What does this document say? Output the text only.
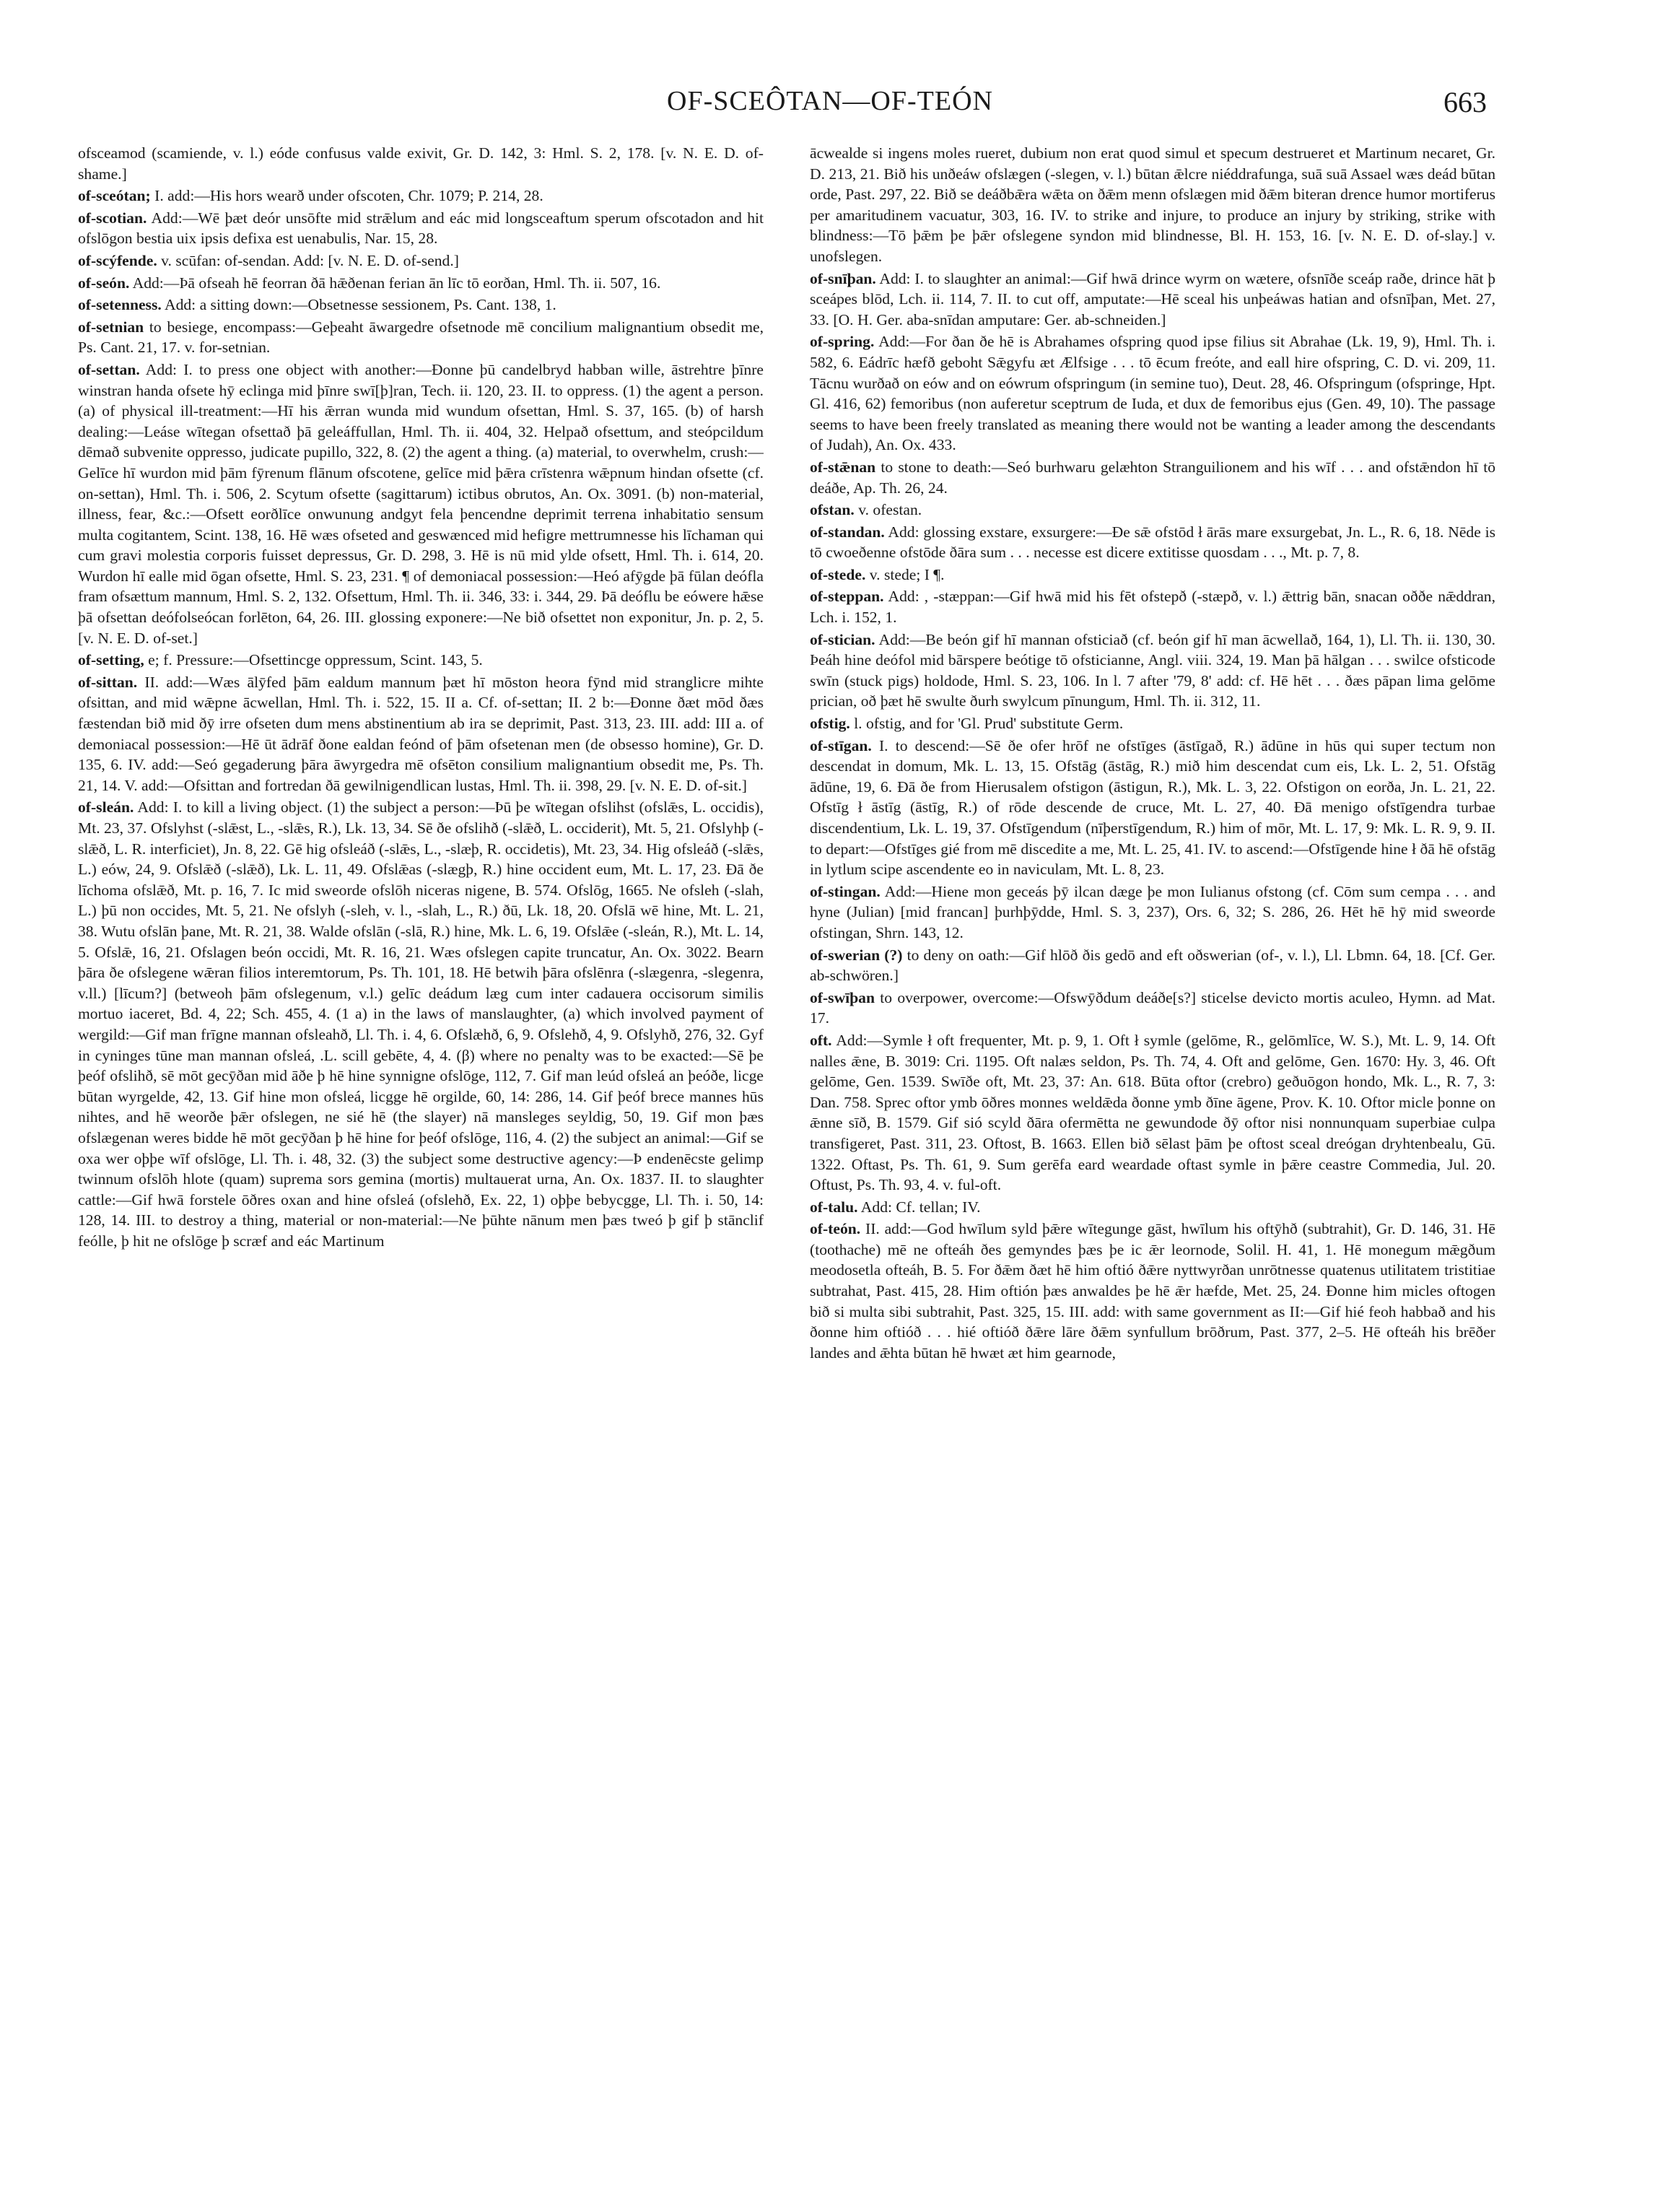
OF-SCEÔTAN—OF-TEÓN	663

ofsceamod (scamiende, v. l.) eóde confusus valde exivit, Gr. D. 142, 3: Hml. S. 2, 178. [v. N. E. D. of-shame.]

of-sceótan; I. add:—His hors wearð under ofscoten, Chr. 1079; P. 214, 28.

of-scotian. Add:—Wē þæt deór unsōfte mid strǣlum and eác mid longsceaftum sperum ofscotadon and hit ofslōgon bestia uix ipsis defixa est uenabulis, Nar. 15, 28.

of-scýfende. v. scūfan: of-sendan. Add: [v. N. E. D. of-send.]

of-seón. Add:—Þā ofseah hē feorran ðā hǣðenan ferian ān līc tō eorðan, Hml. Th. ii. 507, 16.

of-setenness. Add: a sitting down:—Obsetnesse sessionem, Ps. Cant. 138, 1.

of-setnian to besiege, encompass:—Geþeaht āwargedre ofsetnode mē concilium malignantium obsedit me, Ps. Cant. 21, 17. v. for-setnian.

of-settan. Add: I. to press one object with another:—Ðonne þū candelbryd habban wille, āstrehtre þīnre winstran handa ofsete hȳ eclinga mid þīnre swī[þ]ran, Tech. ii. 120, 23. II. to oppress. (1) the agent a person. (a) of physical ill-treatment:—Hī his ǣrran wunda mid wundum ofsettan, Hml. S. 37, 165. (b) of harsh dealing:—Leáse wītegan ofsettað þā geleáffullan, Hml. Th. ii. 404, 32. Helpað ofsettum, and steópcildum dēmað subvenite oppresso, judicate pupillo, 322, 8. (2) the agent a thing. (a) material, to overwhelm, crush:—Gelīce hī wurdon mid þām fȳrenum flānum ofscotene, gelīce mid þǣra crīstenra wǣpnum hindan ofsette (cf. on-settan), Hml. Th. i. 506, 2. Scytum ofsette (sagittarum) ictibus obrutos, An. Ox. 3091. (b) non-material, illness, fear, &c.:—Ofsett eorðlīce onwunung andgyt fela þencendne deprimit terrena inhabitatio sensum multa cogitantem, Scint. 138, 16. Hē wæs ofseted and geswænced mid hefigre mettrumnesse his līchaman qui cum gravi molestia corporis fuisset depressus, Gr. D. 298, 3. Hē is nū mid ylde ofsett, Hml. Th. i. 614, 20. Wurdon hī ealle mid ōgan ofsette, Hml. S. 23, 231. ¶ of demoniacal possession:—Heó afȳgde þā fūlan deófla fram ofsættum mannum, Hml. S. 2, 132. Ofsettum, Hml. Th. ii. 346, 33: i. 344, 29. Þā deóflu be eówere hǣse þā ofsettan deófolseócan forlēton, 64, 26. III. glossing exponere:—Ne bið ofsettet non exponitur, Jn. p. 2, 5. [v. N. E. D. of-set.]

of-setting, e; f. Pressure:—Ofsettincge oppressum, Scint. 143, 5.

of-sittan. II. add:—Wæs ālȳfed þām ealdum mannum þæt hī mōston heora fȳnd mid stranglicre mihte ofsittan, and mid wǣpne ācwellan, Hml. Th. i. 522, 15. II a. Cf. of-settan; II. 2 b:—Ðonne ðæt mōd ðæs fæstendan bið mid ðȳ irre ofseten dum mens abstinentium ab ira se deprimit, Past. 313, 23. III. add: III a. of demoniacal possession:—Hē ūt ādrāf ðone ealdan feónd of þām ofsetenan men (de obsesso homine), Gr. D. 135, 6. IV. add:—Seó gegaderung þāra āwyrgedra mē ofsēton consilium malignantium obsedit me, Ps. Th. 21, 14. V. add:—Ofsittan and fortredan ðā gewilnigendlican lustas, Hml. Th. ii. 398, 29. [v. N. E. D. of-sit.]

of-sleán. Add: I. to kill a living object. (1) the subject a person:—Þū þe wītegan ofslihst (ofslǣs, L. occidis), Mt. 23, 37. Ofslyhst (-slǣst, L., -slǣs, R.), Lk. 13, 34. Sē ðe ofslihð (-slǣð, L. occiderit), Mt. 5, 21. Ofslyhþ (-slǣð, L. R. interficiet), Jn. 8, 22. Gē hig ofsleáð (-slǣs, L., -slæþ, R. occidetis), Mt. 23, 34. Hig ofsleáð (-slǣs, L.) eów, 24, 9. Ofslǣð (-slǣð), Lk. L. 11, 49. Ofslǣas (-slægþ, R.) hine occident eum, Mt. L. 17, 23. Ðā ðe līchoma ofslǣð, Mt. p. 16, 7. Ic mid sweorde ofslōh niceras nigene, B. 574. Ofslōg, 1665. Ne ofsleh (-slah, L.) þū non occides, Mt. 5, 21. Ne ofslyh (-sleh, v. l., -slah, L., R.) ðū, Lk. 18, 20. Ofslā wē hine, Mt. L. 21, 38. Wutu ofslān þane, Mt. R. 21, 38. Walde ofslān (-slā, R.) hine, Mk. L. 6, 19. Ofslǣe (-sleán, R.), Mt. L. 14, 5. Ofslǣ, 16, 21. Ofslagen beón occidi, Mt. R. 16, 21. Wæs ofslegen capite truncatur, An. Ox. 3022. Bearn þāra ðe ofslegene wǣran filios interemtorum, Ps. Th. 101, 18. Hē betwih þāra ofslēnra (-slægenra, -slegenra, v.ll.) [līcum?] (betweoh þām ofslegenum, v.l.) gelīc deádum læg cum inter cadauera occisorum similis mortuo iaceret, Bd. 4, 22; Sch. 455, 4. (1 a) in the laws of manslaughter, (a) which involved payment of wergild:—Gif man frīgne mannan ofsleahð, Ll. Th. i. 4, 6. Ofslæhð, 6, 9. Ofslehð, 4, 9. Ofslyhð, 276, 32. Gyf in cyninges tūne man mannan ofsleá, .L. scill gebēte, 4, 4. (β) where no penalty was to be exacted:—Sē þe þeóf ofslihð, sē mōt gecȳðan mid āðe þ hē hine synnigne ofslōge, 112, 7. Gif man leúd ofsleá an þeóðe, licge būtan wyrgelde, 42, 13. Gif hine mon ofsleá, licgge hē orgilde, 60, 14: 286, 14. Gif þeóf brece mannes hūs nihtes, and hē weorðe þǣr ofslegen, ne sié hē (the slayer) nā mansleges seyldig, 50, 19. Gif mon þæs ofslægenan weres bidde hē mōt gecȳðan þ hē hine for þeóf ofslōge, 116, 4. (2) the subject an animal:—Gif se oxa wer oþþe wīf ofslōge, Ll. Th. i. 48, 32. (3) the subject some destructive agency:—Þ endenēcste gelimp twinnum ofslōh hlote (quam) suprema sors gemina (mortis) multauerat urna, An. Ox. 1837. II. to slaughter cattle:—Gif hwā forstele ōðres oxan and hine ofsleá (ofslehð, Ex. 22, 1) oþþe bebycgge, Ll. Th. i. 50, 14: 128, 14. III. to destroy a thing, material or non-material:—Ne þūhte nānum men þæs tweó þ gif þ stānclif feólle, þ hit ne ofslōge þ scræf and eác Martinum

ācwealde si ingens moles rueret, dubium non erat quod simul et specum destrueret et Martinum necaret, Gr. D. 213, 21. Bið his unðeáw ofslægen (-slegen, v. l.) būtan ǣlcre niéddrafunga, suā suā Assael wæs deád būtan orde, Past. 297, 22. Bið se deáðbǣra wǣta on ðǣm menn ofslægen mid ðǣm biteran drence humor mortiferus per amaritudinem vacuatur, 303, 16. IV. to strike and injure, to produce an injury by striking, strike with blindness:—Tō þǣm þe þǣr ofslegene syndon mid blindnesse, Bl. H. 153, 16. [v. N. E. D. of-slay.] v. unofslegen.

of-snīþan. Add: I. to slaughter an animal:—Gif hwā drince wyrm on wætere, ofsnīðe sceáp raðe, drince hāt þ sceápes blōd, Lch. ii. 114, 7. II. to cut off, amputate:—Hē sceal his unþeáwas hatian and ofsnīþan, Met. 27, 33. [O. H. Ger. aba-snīdan amputare: Ger. ab-schneiden.]

of-spring. Add:—For ðan ðe hē is Abrahames ofspring quod ipse filius sit Abrahae (Lk. 19, 9), Hml. Th. i. 582, 6. Eádrīc hæfð geboht Sǣgyfu æt Ælfsige . . . tō ēcum freóte, and eall hire ofspring, C. D. vi. 209, 11. Tācnu wurðað on eów and on eówrum ofspringum (in semine tuo), Deut. 28, 46. Ofspringum (ofspringe, Hpt. Gl. 416, 62) femoribus (non auferetur sceptrum de Iuda, et dux de femoribus ejus (Gen. 49, 10). The passage seems to have been freely translated as meaning there would not be wanting a leader among the descendants of Judah), An. Ox. 433.

of-stǣnan to stone to death:—Seó burhwaru gelæhton Stranguilionem and his wīf . . . and ofstǣndon hī tō deáðe, Ap. Th. 26, 24.

ofstan. v. ofestan.

of-standan. Add: glossing exstare, exsurgere:—Ðe sǣ ofstōd ł ārās mare exsurgebat, Jn. L., R. 6, 18. Nēde is tō cwoeðenne ofstōde ðāra sum . . . necesse est dicere extitisse quosdam . . ., Mt. p. 7, 8.

of-stede. v. stede; I ¶.

of-steppan. Add: , -stæppan:—Gif hwā mid his fēt ofstepð (-stæpð, v. l.) ǣttrig bān, snacan oððe nǣddran, Lch. i. 152, 1.

of-stician. Add:—Be beón gif hī mannan ofsticiað (cf. beón gif hī man ācwellað, 164, 1), Ll. Th. ii. 130, 30. Þeáh hine deófol mid bārspere beótige tō ofsticianne, Angl. viii. 324, 19. Man þā hālgan . . . swilce ofsticode swīn (stuck pigs) holdode, Hml. S. 23, 106. In l. 7 after '79, 8' add: cf. Hē hēt . . . ðæs pāpan lima gelōme prician, oð þæt hē swulte ðurh swylcum pīnungum, Hml. Th. ii. 312, 11.

ofstig. l. ofstig, and for 'Gl. Prud' substitute Germ.

of-stīgan. I. to descend:—Sē ðe ofer hrōf ne ofstīges (āstīgað, R.) ādūne in hūs qui super tectum non descendat in domum, Mk. L. 13, 15. Ofstāg (āstāg, R.) mið him descendat cum eis, Lk. L. 2, 51. Ofstāg ādūne, 19, 6. Ðā ðe from Hierusalem ofstigon (āstigun, R.), Mk. L. 3, 22. Ofstigon on eorða, Jn. L. 21, 22. Ofstīg ł āstīg (āstīg, R.) of rōde descende de cruce, Mt. L. 27, 40. Ðā menigo ofstīgendra turbae discendentium, Lk. L. 19, 37. Ofstīgendum (nīþerstīgendum, R.) him of mōr, Mt. L. 17, 9: Mk. L. R. 9, 9. II. to depart:—Ofstīges gié from mē discedite a me, Mt. L. 25, 41. IV. to ascend:—Ofstīgende hine ł ðā hē ofstāg in lytlum scipe ascendente eo in naviculam, Mt. L. 8, 23.

of-stingan. Add:—Hiene mon geceás þȳ ilcan dæge þe mon Iulianus ofstong (cf. Cōm sum cempa . . . and hyne (Julian) [mid francan] þurhþȳdde, Hml. S. 3, 237), Ors. 6, 32; S. 286, 26. Hēt hē hȳ mid sweorde ofstingan, Shrn. 143, 12.

of-swerian (?) to deny on oath:—Gif hlōð ðis gedō and eft oðswerian (of-, v. l.), Ll. Lbmn. 64, 18. [Cf. Ger. ab-schwören.]

of-swīþan to overpower, overcome:—Ofswȳðdum deáðe[s?] sticelse devicto mortis aculeo, Hymn. ad Mat. 17.

oft. Add:—Symle ł oft frequenter, Mt. p. 9, 1. Oft ł symle (gelōme, R., gelōmlīce, W. S.), Mt. L. 9, 14. Oft nalles ǣne, B. 3019: Cri. 1195. Oft nalæs seldon, Ps. Th. 74, 4. Oft and gelōme, Gen. 1670: Hy. 3, 46. Oft gelōme, Gen. 1539. Swīðe oft, Mt. 23, 37: An. 618. Būta oftor (crebro) geðuōgon hondo, Mk. L., R. 7, 3: Dan. 758. Sprec oftor ymb ōðres monnes weldǣda ðonne ymb ðīne āgene, Prov. K. 10. Oftor micle þonne on ǣnne sīð, B. 1579. Gif sió scyld ðāra ofermētta ne gewundode ðȳ oftor nisi nonnunquam superbiae culpa transfigeret, Past. 311, 23. Oftost, B. 1663. Ellen bið sēlast þām þe oftost sceal dreógan dryhtenbealu, Gū. 1322. Oftast, Ps. Th. 61, 9. Sum gerēfa eard weardade oftast symle in þǣre ceastre Commedia, Jul. 20. Oftust, Ps. Th. 93, 4. v. ful-oft.

of-talu. Add: Cf. tellan; IV.

of-teón. II. add:—God hwīlum syld þǣre wītegunge gāst, hwīlum his oftȳhð (subtrahit), Gr. D. 146, 31. Hē (toothache) mē ne ofteáh ðes gemyndes þæs þe ic ǣr leornode, Solil. H. 41, 1. Hē monegum mǣgðum meodosetla ofteáh, B. 5. For ðǣm ðæt hē him oftió ðǣre nyttwyrðan unrōtnesse quatenus utilitatem tristitiae subtrahat, Past. 415, 28. Him oftión þæs anwaldes þe hē ǣr hæfde, Met. 25, 24. Ðonne him micles oftogen bið si multa sibi subtrahit, Past. 325, 15. III. add: with same government as II:—Gif hié feoh habbað and his ðonne him oftióð . . . hié oftióð ðǣre lāre ðǣm synfullum brōðrum, Past. 377, 2–5. Hē ofteáh his brēðer landes and ǣhta būtan hē hwæt æt him gearnode,
